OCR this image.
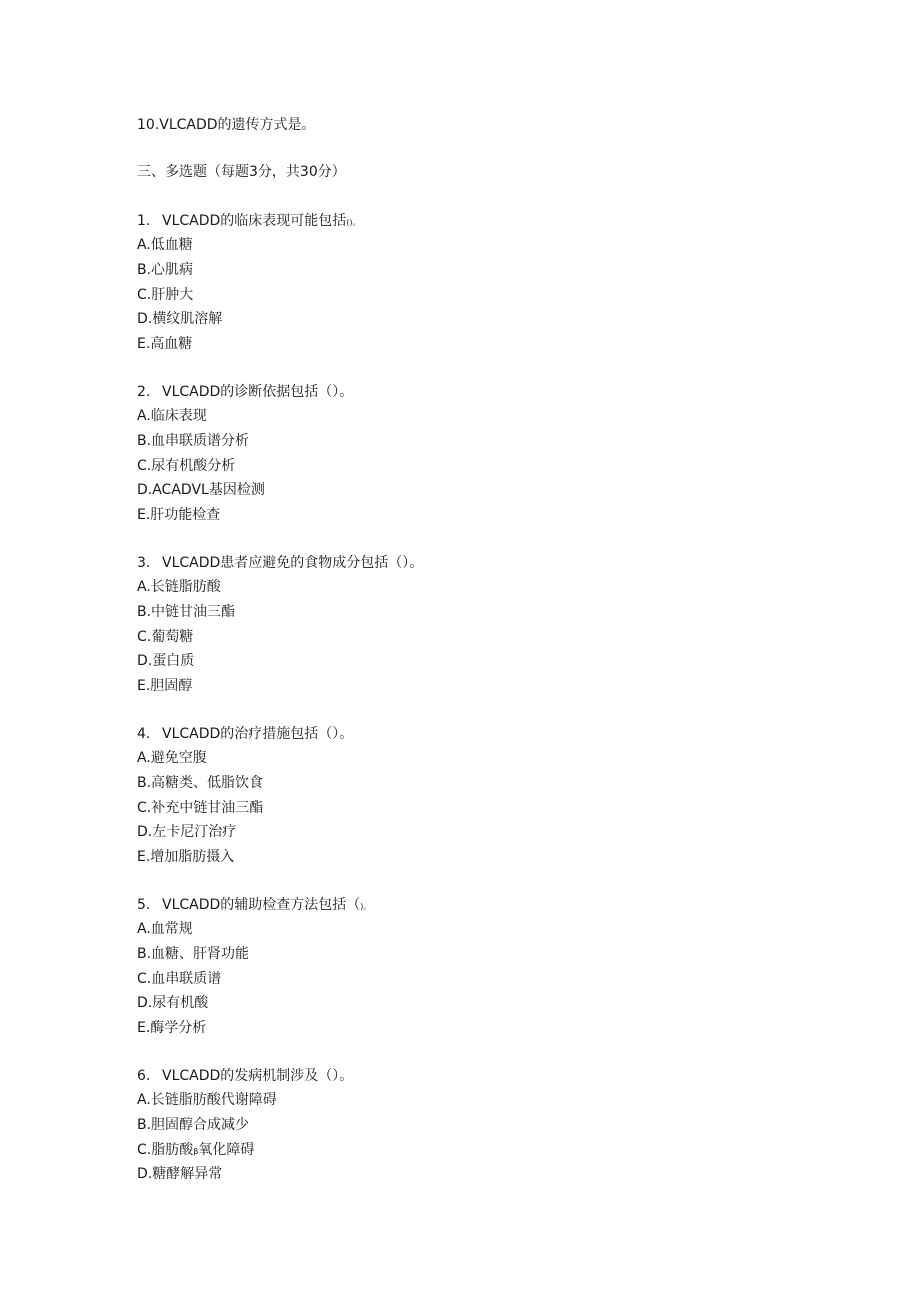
10.VLCADD的遗传方式是。
三、多选题（每题3分，共30分）
1. VLCADD的临床表现可能包括()。
A.低血糖
B.心肌病
C.肝肿大
D.横纹肌溶解
E.高血糖
2. VLCADD的诊断依据包括（）。
A.临床表现
B.血串联质谱分析
C.尿有机酸分析
D.ACADVL基因检测
E.肝功能检查
3. VLCADD患者应避免的食物成分包括（）。
A.长链脂肪酸
B.中链甘油三酯
C.葡萄糖
D.蛋白质
E.胆固醇
4. VLCADD的治疗措施包括（）。
A.避免空腹
B.高糖类、低脂饮食
C.补充中链甘油三酯
D.左卡尼汀治疗
E.增加脂肪摄入
5. VLCADD的辅助检查方法包括（)。
A.血常规
B.血糖、肝肾功能
C.血串联质谱
D.尿有机酸
E.酶学分析
6. VLCADD的发病机制涉及（）。
A.长链脂肪酸代谢障碍
B.胆固醇合成减少
C.脂肪酸β氧化障碍
D.糖酵解异常
